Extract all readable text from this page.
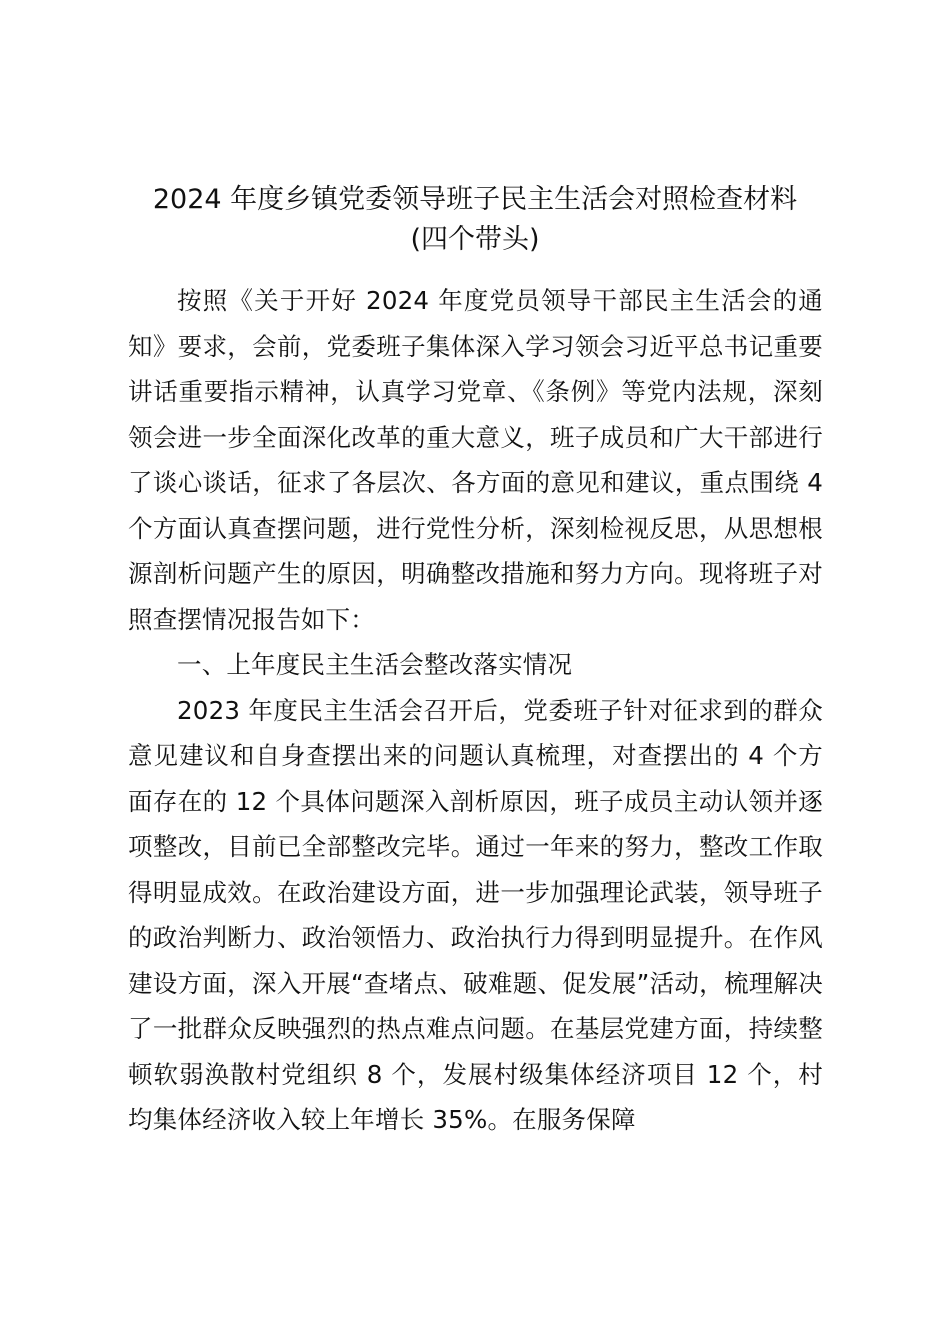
2024 年度乡镇党委领导班子民主生活会对照检查材料
(四个带头)

按照《关于开好 2024 年度党员领导干部民主生活会的通知》要求，会前，党委班子集体深入学习领会习近平总书记重要讲话重要指示精神，认真学习党章、《条例》等党内法规，深刻领会进一步全面深化改革的重大意义，班子成员和广大干部进行了谈心谈话，征求了各层次、各方面的意见和建议，重点围绕 4 个方面认真查摆问题，进行党性分析，深刻检视反思，从思想根源剖析问题产生的原因，明确整改措施和努力方向。现将班子对照查摆情况报告如下：

一、上年度民主生活会整改落实情况

2023 年度民主生活会召开后，党委班子针对征求到的群众意见建议和自身查摆出来的问题认真梳理，对查摆出的 4 个方面存在的 12 个具体问题深入剖析原因，班子成员主动认领并逐项整改，目前已全部整改完毕。通过一年来的努力，整改工作取得明显成效。在政治建设方面，进一步加强理论武装，领导班子的政治判断力、政治领悟力、政治执行力得到明显提升。在作风建设方面，深入开展“查堵点、破难题、促发展”活动，梳理解决了一批群众反映强烈的热点难点问题。在基层党建方面，持续整顿软弱涣散村党组织 8 个，发展村级集体经济项目 12 个，村均集体经济收入较上年增长 35%。在服务保障
